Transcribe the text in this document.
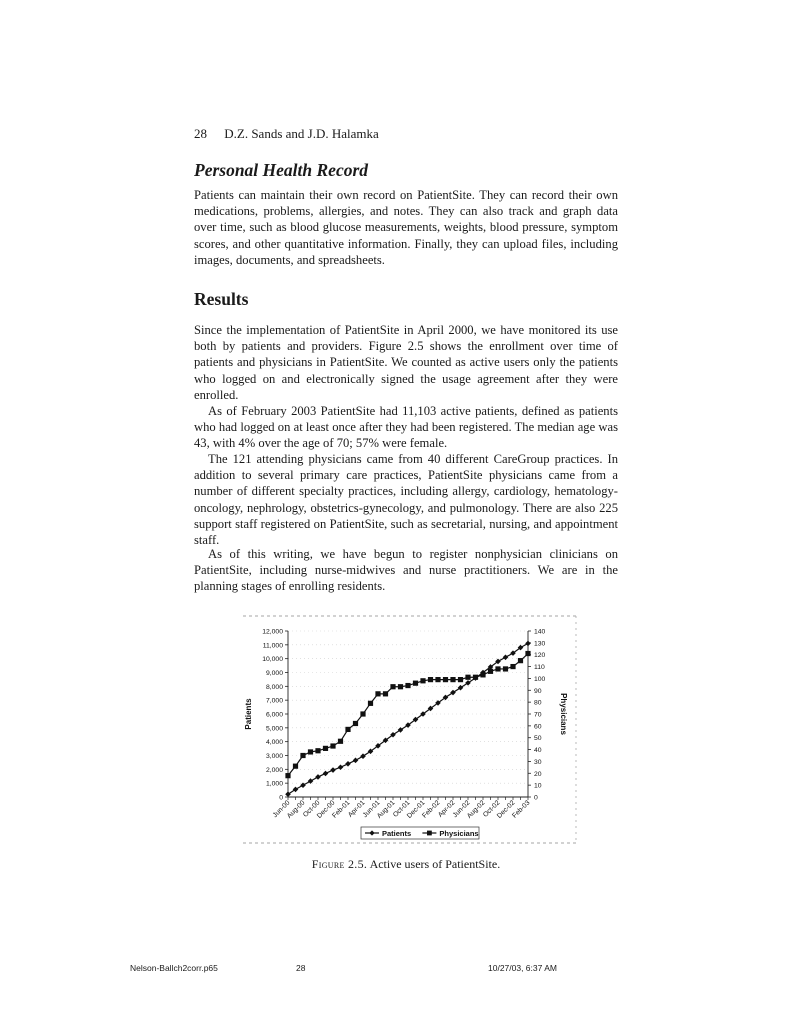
28 D.Z. Sands and J.D. Halamka
Personal Health Record

Patients can maintain their own record on PatientSite. They can record their own medications, problems, allergies, and notes. They can also track and graph data over time, such as blood glucose measurements, weights, blood pressure, symptom scores, and other quantitative information. Finally, they can upload files, including images, documents, and spreadsheets.

Results

Since the implementation of PatientSite in April 2000, we have monitored its use both by patients and providers. Figure 2.5 shows the enrollment over time of patients and physicians in PatientSite. We counted as active users only the patients who logged on and electronically signed the usage agreement after they were enrolled.

As of February 2003 PatientSite had 11,103 active patients, defined as patients who had logged on at least once after they had been registered. The median age was 43, with 4% over the age of 70; 57% were female.

The 121 attending physicians came from 40 different CareGroup practices. In addition to several primary care practices, PatientSite physicians came from a number of different specialty practices, including allergy, cardiology, hematology-oncology, nephrology, obstetrics-gynecology, and pulmonology. There are also 225 support staff registered on PatientSite, such as secretarial, nursing, and appointment staff.

As of this writing, we have begun to register nonphysician clinicians on PatientSite, including nurse-midwives and nurse practitioners. We are in the planning stages of enrolling residents.

0
1,000
2,000
3,000
4,000
5,000
6,000
7,000
8,000
9,000
10,000
11,000
12,000
0
10
20
30
40
50
60
70
80
90
100
110
120
130
140
Patients	Physicians
Jun-00
Aug-00
Oct-00
Dec-00
Feb-01
Apr-01
Jun-01
Aug-01
Oct-01
Dec-01
Feb-02
Apr-02
Jun-02
Aug-02
Oct-02
Dec-02
Feb-03
Patients	Physicians
Figure 2.5. Active users of PatientSite.
Nelson-Ballch2corr.p65	28	10/27/03, 6:37 AM
